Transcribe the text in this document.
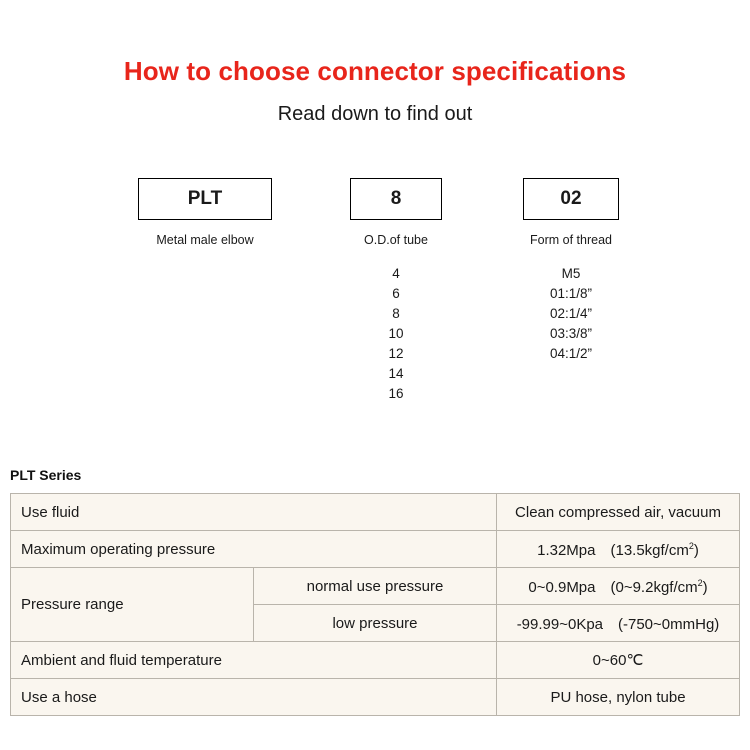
How to choose connector specifications

Read down to find out

PLT
Metal male elbow
8
O.D.of tube
4
6
8
10
12
14
16
02
Form of thread
M5
01:1/8”
02:1/4”
03:3/8”
04:1/2”
PLT Series
Use fluid		Clean compressed air, vacuum
Maximum operating pressure		1.32Mpa　$(13.5kgf/cm^2)$
Pressure range	normal use pressure	0~0.9Mpa　$(0\sim 9.2kgf/cm^2)$
	low pressure	-99.99~0Kpa　(-750~0mmHg)
Ambient and fluid temperature		0~60℃
Use a hose		PU hose, nylon tube
